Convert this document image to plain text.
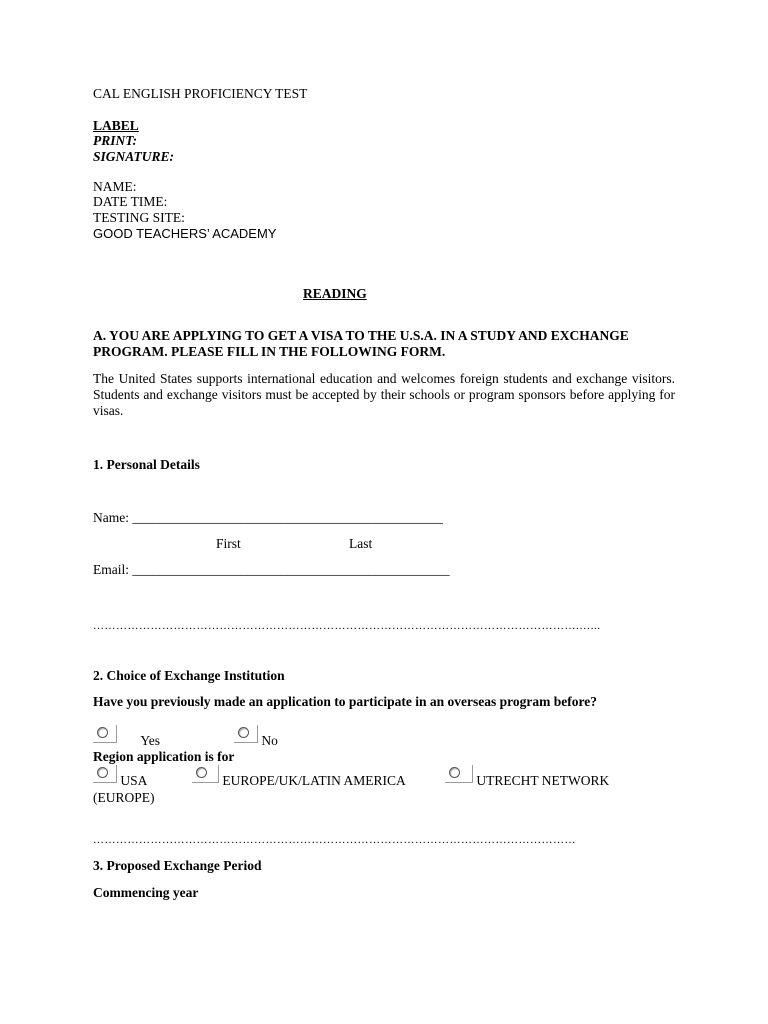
CAL ENGLISH PROFICIENCY TEST
LABEL
PRINT:
SIGNATURE:
NAME:
DATE TIME:
TESTING SITE:
GOOD TEACHERS’ ACADEMY
READING
A. YOU ARE APPLYING TO GET A VISA TO THE U.S.A. IN A STUDY AND EXCHANGE PROGRAM. PLEASE FILL IN THE FOLLOWING FORM.
The United States supports international education and welcomes foreign students and exchange visitors. Students and exchange visitors must be accepted by their schools or program sponsors before applying for visas.
1. Personal Details
Name: ______________________________________________
First	Last
Email: _______________________________________________
……………………………………………………………………………………………………………….…...
2. Choice of Exchange Institution
Have you previously made an application to participate in an overseas program before?
Yes	No
Region application is for
USA	EUROPE/UK/LATIN AMERICA	UTRECHT NETWORK
(EUROPE)
………………………………………………………………………………………………………………
3. Proposed Exchange Period
Commencing year
